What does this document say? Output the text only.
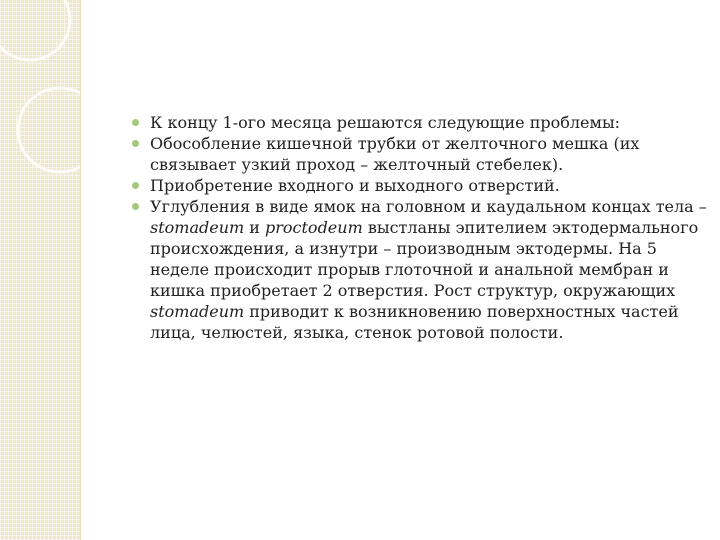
К концу 1-ого месяца решаются следующие проблемы:
Обособление кишечной трубки от желточного мешка (их связывает узкий проход – желточный стебелек).
Приобретение входного и выходного отверстий.
Углубления в виде ямок на головном и каудальном концах тела – stomadeum и proctodeum выстланы эпителием эктодермального происхождения, а изнутри – производным эктодермы. На 5 неделе происходит прорыв глоточной и анальной мембран и кишка приобретает 2 отверстия. Рост структур, окружающих stomadeum приводит к возникновению поверхностных частей лица, челюстей, языка, стенок ротовой полости.
